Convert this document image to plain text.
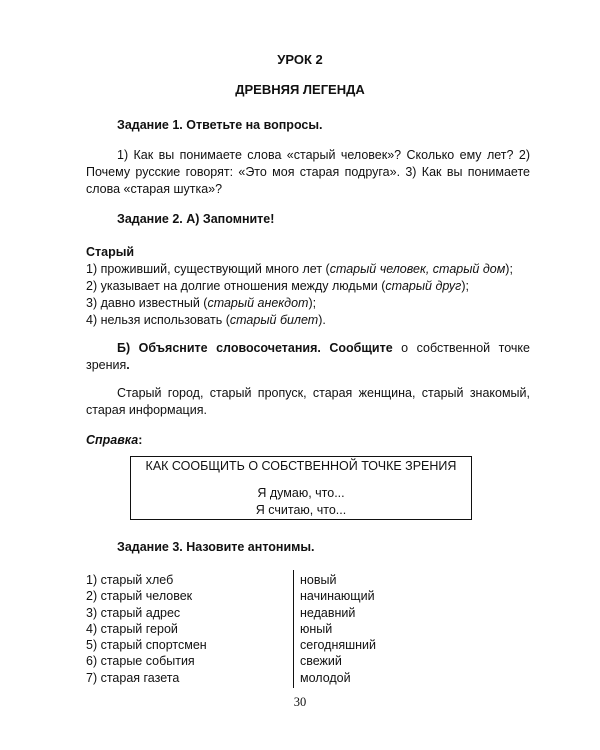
УРОК 2
ДРЕВНЯЯ ЛЕГЕНДА
Задание 1. Ответьте на вопросы.
1) Как вы понимаете слова «старый человек»? Сколько ему лет? 2) Почему русские говорят: «Это моя старая подруга». 3) Как вы понимаете слова «старая шутка»?
Задание 2. А) Запомните!
Старый
1) проживший, существующий много лет (старый человек, старый дом);
2) указывает на долгие отношения между людьми (старый друг);
3) давно известный (старый анекдот);
4) нельзя использовать (старый билет).
Б) Объясните словосочетания. Сообщите о собственной точке зрения.
Старый город, старый пропуск, старая женщина, старый знакомый, старая информация.
Справка:
КАК СООБЩИТЬ О СОБСТВЕННОЙ ТОЧКЕ ЗРЕНИЯ
Я думаю, что...
Я считаю, что...
Задание 3. Назовите антонимы.
1) старый хлеб
2) старый человек
3) старый адрес
4) старый герой
5) старый спортсмен
6) старые события
7) старая газета
новый
начинающий
недавний
юный
сегодняшний
свежий
молодой
30
